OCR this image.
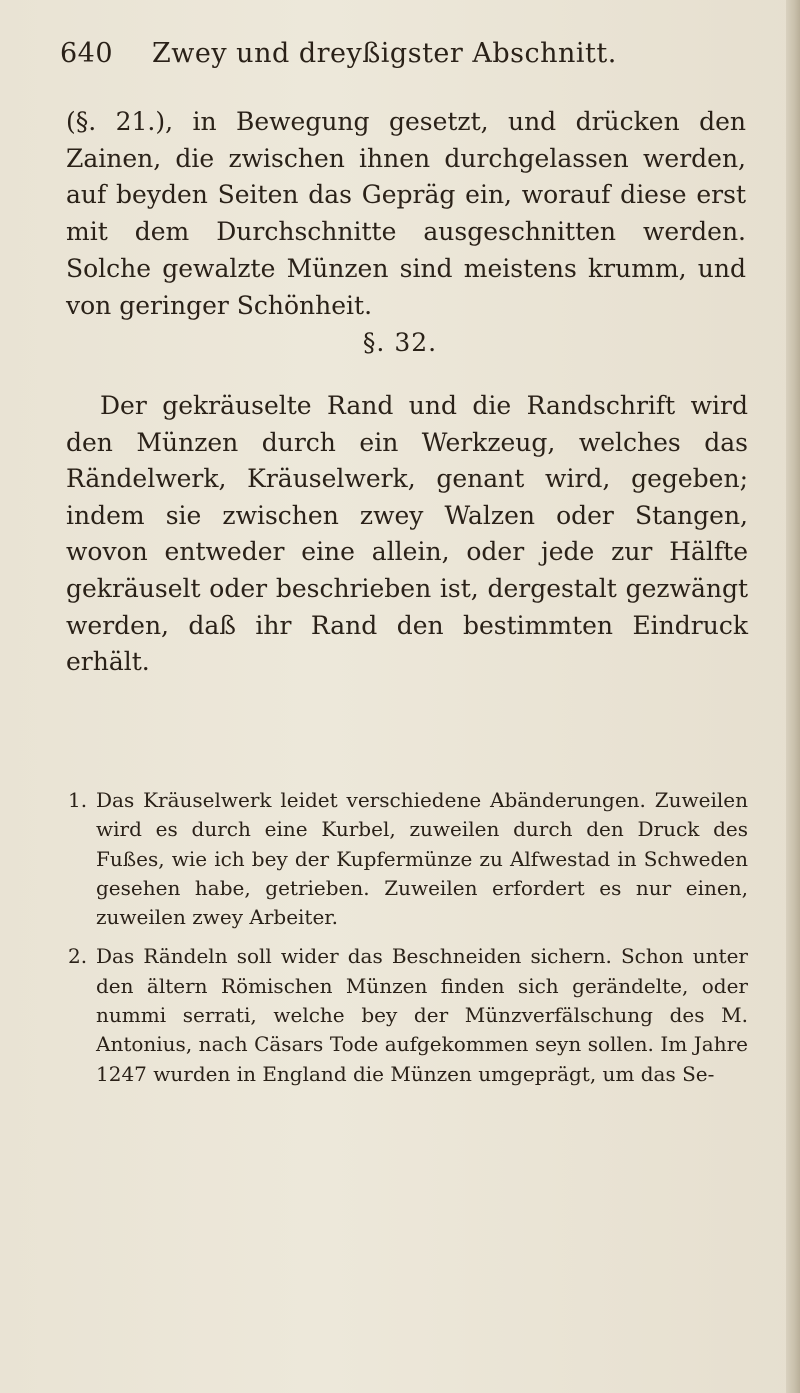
640 Zwey und dreyßigster Abschnitt.

(§. 21.), in Bewegung gesetzt, und drücken den Zainen, die zwischen ihnen durchgelassen werden, auf beyden Seiten das Gepräg ein, worauf diese erst mit dem Durchschnitte ausgeschnitten werden. Solche gewalzte Münzen sind meistens krumm, und von geringer Schönheit.

§. 32.

Der gekräuselte Rand und die Randschrift wird den Münzen durch ein Werkzeug, welches das Rändelwerk, Kräuselwerk, genant wird, gegeben; indem sie zwischen zwey Walzen oder Stangen, wovon entweder eine allein, oder jede zur Hälfte gekräuselt oder beschrieben ist, dergestalt gezwängt werden, daß ihr Rand den bestimmten Eindruck erhält.

1. Das Kräuselwerk leidet verschiedene Abänderungen. Zuweilen wird es durch eine Kurbel, zuweilen durch den Druck des Fußes, wie ich bey der Kupfermünze zu Alfwestad in Schweden gesehen habe, getrieben. Zuweilen erfordert es nur einen, zuweilen zwey Arbeiter.
2. Das Rändeln soll wider das Beschneiden sichern. Schon unter den ältern Römischen Münzen finden sich gerändelte, oder nummi serrati, welche bey der Münzverfälschung des M. Antonius, nach Cäsars Tode aufgekommen seyn sollen. Im Jahre 1247 wurden in England die Münzen umgeprägt, um das Se-
